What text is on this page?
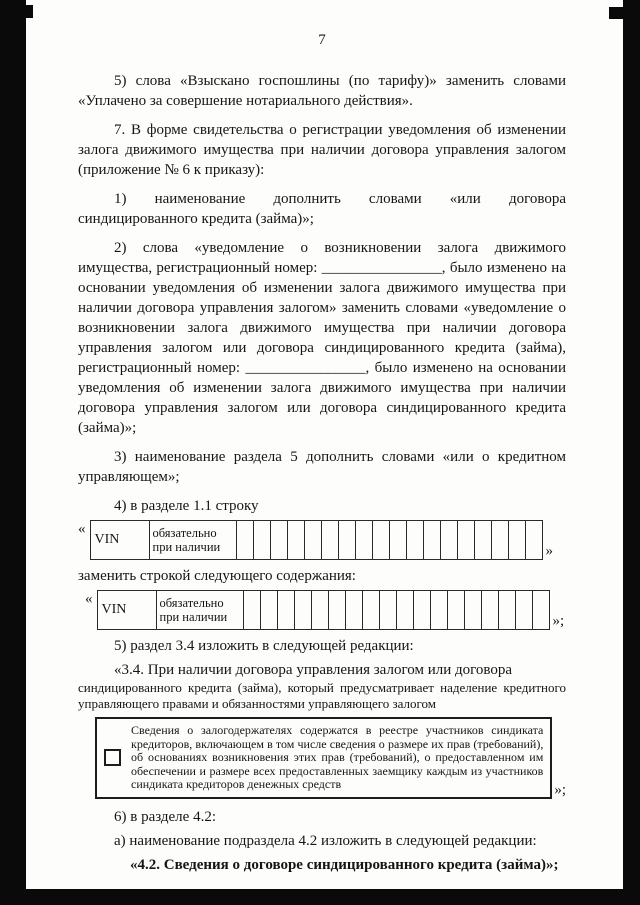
7

5) слова «Взыскано госпошлины (по тарифу)» заменить словами «Уплачено за совершение нотариального действия».

7. В форме свидетельства о регистрации уведомления об изменении залога движимого имущества при наличии договора управления залогом (приложение № 6 к приказу):

1) наименование дополнить словами «или договора синдицированного кредита (займа)»;

2) слова «уведомление о возникновении залога движимого имущества, регистрационный номер: ________________, было изменено на основании уведомления об изменении залога движимого имущества при наличии договора управления залогом» заменить словами «уведомление о возникновении залога движимого имущества при наличии договора управления залогом или договора синдицированного кредита (займа), регистрационный номер: ________________, было изменено на основании уведомления об изменении залога движимого имущества при наличии договора управления залогом или договора синдицированного кредита (займа)»;

3) наименование раздела 5 дополнить словами «или о кредитном управляющем»;

4) в разделе 1.1 строку

«
VIN	обязательно при наличии																			»

заменить строкой следующего содержания:

«
VIN	обязательно при наличии																			»;

5) раздел 3.4 изложить в следующей редакции:

«3.4. При наличии договора управления залогом или договора

синдицированного кредита (займа), который предусматривает наделение кредитного управляющего правами и обязанностями управляющего залогом

Сведения о залогодержателях содержатся в реестре участников синдиката кредиторов, включающем в том числе сведения о размере их прав (требований), об основаниях возникновения этих прав (требований), о предоставленном им обеспечении и размере всех предоставленных заемщику каждым из участников синдиката кредиторов денежных средств	»;

6) в разделе 4.2:

а) наименование подраздела 4.2 изложить в следующей редакции:

«4.2. Сведения о договоре синдицированного кредита (займа)»;
